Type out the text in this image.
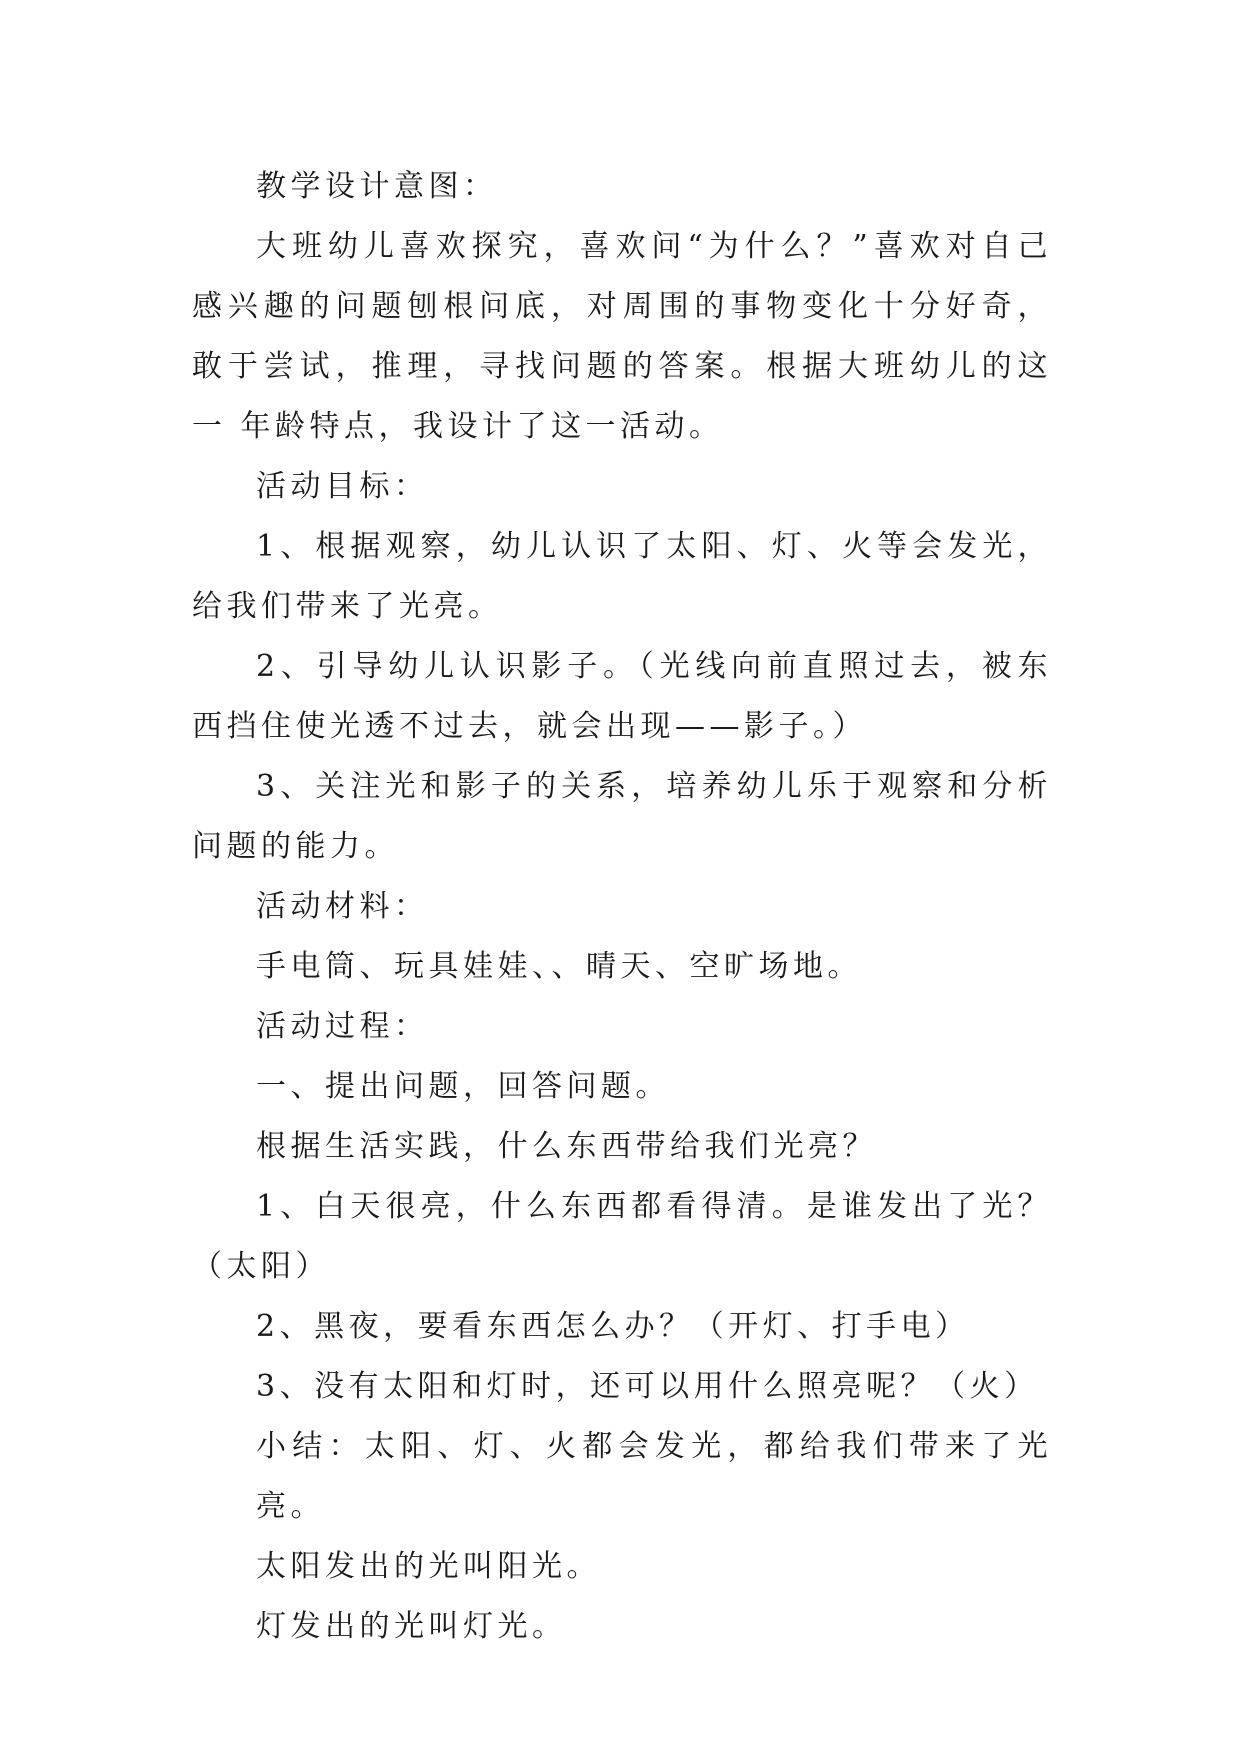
教学设计意图：

大班幼儿喜欢探究，喜欢问“为什么？”喜欢对自己感兴趣的问题刨根问底，对周围的事物变化十分好奇，敢于尝试，推理，寻找问题的答案。根据大班幼儿的这一 年龄特点，我设计了这一活动。

活动目标：

1、根据观察，幼儿认识了太阳、灯、火等会发光，给我们带来了光亮。

2、引导幼儿认识影子。（光线向前直照过去，被东西挡住使光透不过去，就会出现——影子。）

3、关注光和影子的关系，培养幼儿乐于观察和分析问题的能力。

活动材料：

手电筒、玩具娃娃、、晴天、空旷场地。

活动过程：

一、提出问题，回答问题。

根据生活实践，什么东西带给我们光亮？

1、白天很亮，什么东西都看得清。是谁发出了光？（太阳）

2、黑夜，要看东西怎么办？（开灯、打手电）

3、没有太阳和灯时，还可以用什么照亮呢？（火）

小结：太阳、灯、火都会发光，都给我们带来了光亮。

太阳发出的光叫阳光。

灯发出的光叫灯光。
